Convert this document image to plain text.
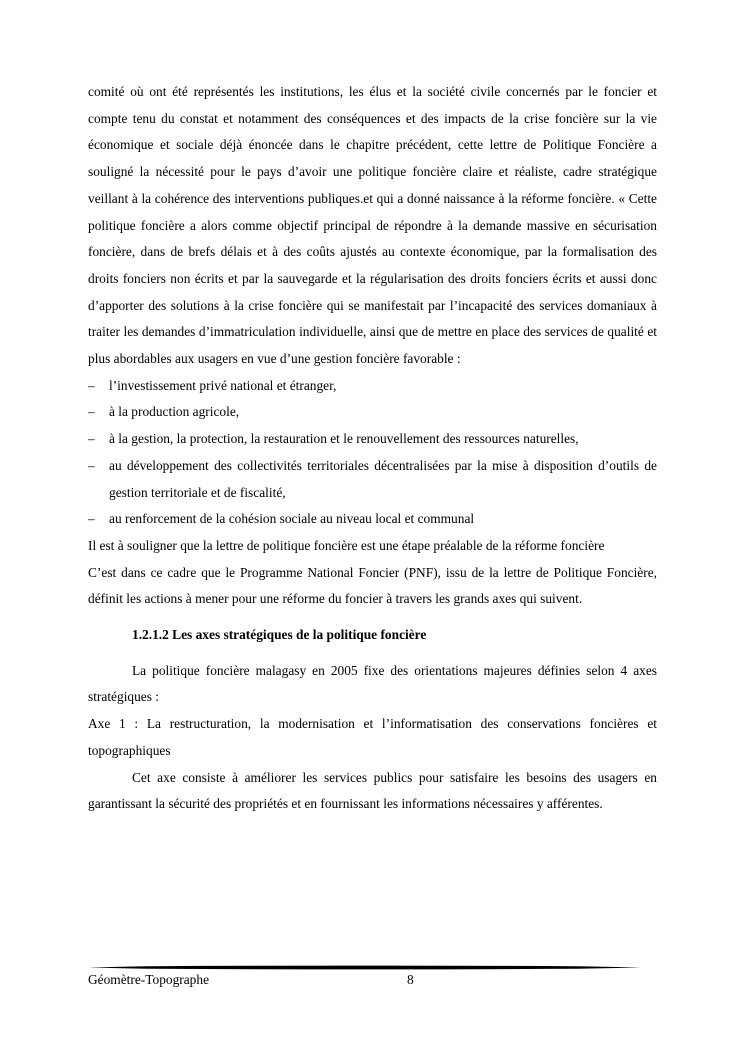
comité où ont été représentés les institutions, les élus et la société civile concernés par le foncier et compte tenu du constat et notamment des conséquences et des impacts de la crise foncière sur la vie économique et sociale déjà énoncée dans le chapitre précédent, cette lettre de Politique Foncière a souligné la nécessité pour le pays d’avoir une politique foncière claire et réaliste, cadre stratégique veillant à la cohérence des interventions publiques.et qui a donné naissance à la réforme foncière. « Cette politique foncière a alors comme objectif principal de répondre à la demande massive en sécurisation foncière, dans de brefs délais et à des coûts ajustés au contexte économique, par la formalisation des droits fonciers non écrits et par la sauvegarde et la régularisation des droits fonciers écrits et aussi donc d’apporter des solutions à la crise foncière qui se manifestait par l’incapacité des services domaniaux à traiter les demandes d’immatriculation individuelle, ainsi que de mettre en place des services de qualité et plus abordables aux usagers en vue d’une gestion foncière favorable :

– l’investissement privé national et étranger,
– à la production agricole,
– à la gestion, la protection, la restauration et le renouvellement des ressources naturelles,
– au développement des collectivités territoriales décentralisées par la mise à disposition d’outils de gestion territoriale et de fiscalité,
– au renforcement de la cohésion sociale au niveau local et communal

Il est à souligner que la lettre de politique foncière est une étape préalable de la réforme foncière

C’est dans ce cadre que le Programme National Foncier (PNF), issu de la lettre de Politique Foncière, définit les actions à mener pour une réforme du foncier à travers les grands axes qui suivent.

1.2.1.2 Les axes stratégiques de la politique foncière

La politique foncière malagasy en 2005 fixe des orientations majeures définies selon 4 axes stratégiques :

Axe 1 : La restructuration, la modernisation et l’informatisation des conservations foncières et topographiques

Cet axe consiste à améliorer les services publics pour satisfaire les besoins des usagers en garantissant la sécurité des propriétés et en fournissant les informations nécessaires y afférentes.

Géomètre-Topographe	8
